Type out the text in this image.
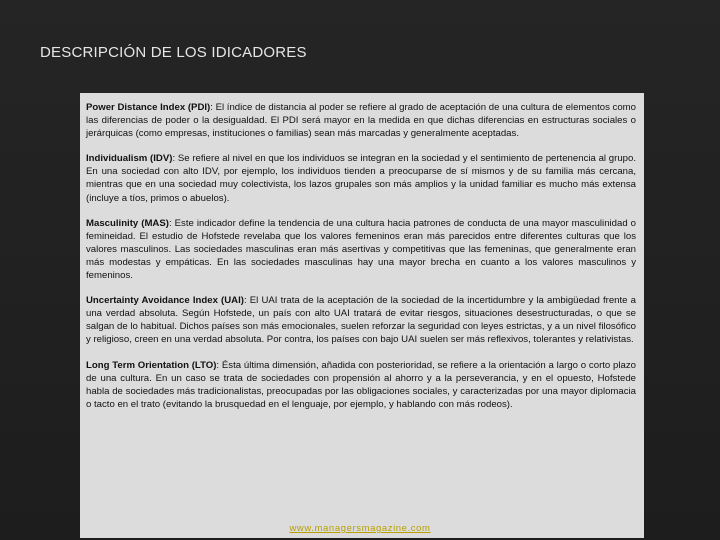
DESCRIPCIÓN DE LOS IDICADORES

Power Distance Index (PDI): El índice de distancia al poder se refiere al grado de aceptación de una cultura de elementos como las diferencias de poder o la desigualdad. El PDI será mayor en la medida en que dichas diferencias en estructuras sociales o jerárquicas (como empresas, instituciones o familias) sean más marcadas y generalmente aceptadas.

Individualism (IDV): Se refiere al nivel en que los individuos se integran en la sociedad y el sentimiento de pertenencia al grupo. En una sociedad con alto IDV, por ejemplo, los individuos tienden a preocuparse de sí mismos y de su familia más cercana, mientras que en una sociedad muy colectivista, los lazos grupales son más amplios y la unidad familiar es mucho más extensa (incluye a tíos, primos o abuelos).

Masculinity (MAS): Este indicador define la tendencia de una cultura hacia patrones de conducta de una mayor masculinidad o femineidad. El estudio de Hofstede revelaba que los valores femeninos eran más parecidos entre diferentes culturas que los valores masculinos. Las sociedades masculinas eran más asertivas y competitivas que las femeninas, que generalmente eran más modestas y empáticas. En las sociedades masculinas hay una mayor brecha en cuanto a los valores masculinos y femeninos.

Uncertainty Avoidance Index (UAI): El UAI trata de la aceptación de la sociedad de la incertidumbre y la ambigüedad frente a una verdad absoluta. Según Hofstede, un país con alto UAI tratará de evitar riesgos, situaciones desestructuradas, o que se salgan de lo habitual. Dichos países son más emocionales, suelen reforzar la seguridad con leyes estrictas, y a un nivel filosófico y religioso, creen en una verdad absoluta. Por contra, los países con bajo UAI suelen ser más reflexivos, tolerantes y relativistas.

Long Term Orientation (LTO): Ésta última dimensión, añadida con posterioridad, se refiere a la orientación a largo o corto plazo de una cultura. En un caso se trata de sociedades con propensión al ahorro y a la perseverancia, y en el opuesto, Hofstede habla de sociedades más tradicionalistas, preocupadas por las obligaciones sociales, y caracterizadas por una mayor diplomacia o tacto en el trato (evitando la brusquedad en el lenguaje, por ejemplo, y hablando con más rodeos).

www.managersmagazine.com
